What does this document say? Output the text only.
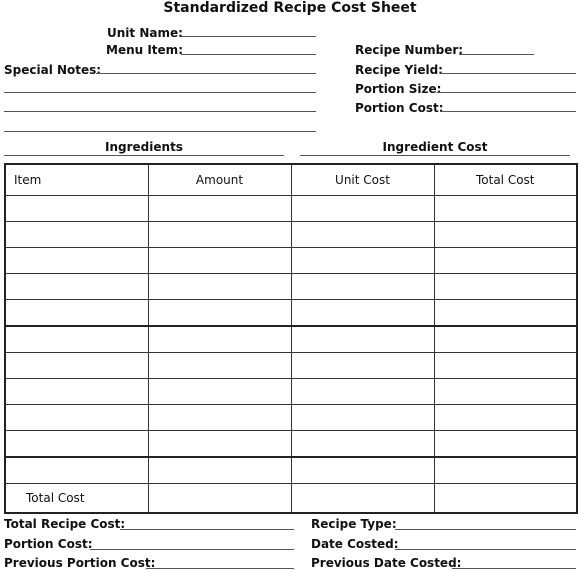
Standardized Recipe Cost Sheet
Unit Name:
Menu Item:
Special Notes:
Recipe Number:
Recipe Yield:
Portion Size:
Portion Cost:
Ingredients	Ingredient Cost
Item	Amount	Unit Cost	Total Cost

Total Cost			
Total Recipe Cost:
Portion Cost:
Previous Portion Cost:
Recipe Type:
Date Costed:
Previous Date Costed:
